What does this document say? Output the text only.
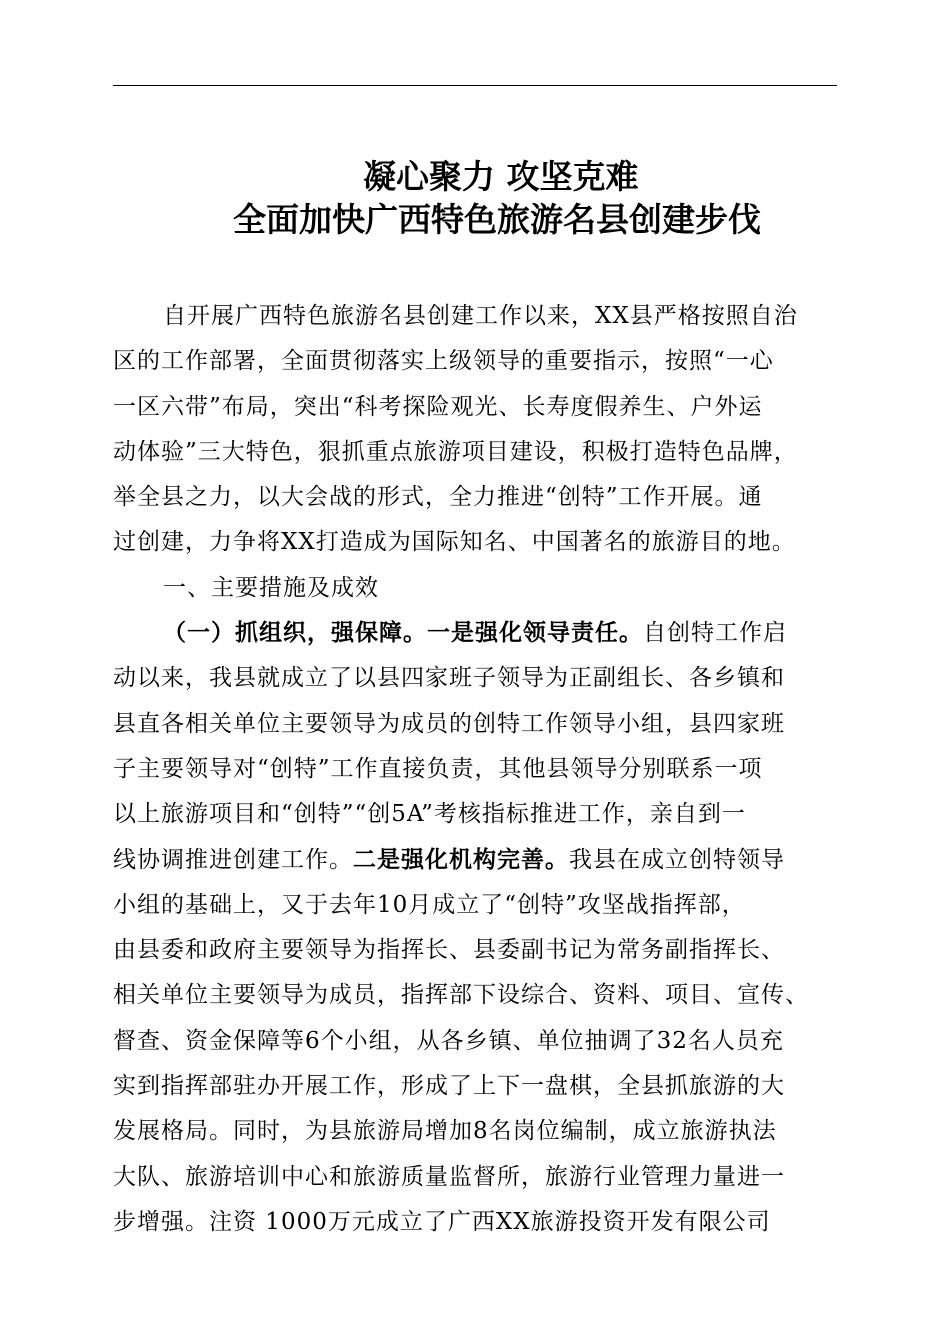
凝心聚力 攻坚克难
全面加快广西特色旅游名县创建步伐
自开展广西特色旅游名县创建工作以来，XX县严格按照自治
区的工作部署，全面贯彻落实上级领导的重要指示，按照“一心
一区六带”布局，突出“科考探险观光、长寿度假养生、户外运
动体验”三大特色，狠抓重点旅游项目建设，积极打造特色品牌，
举全县之力，以大会战的形式，全力推进“创特”工作开展。通
过创建，力争将XX打造成为国际知名、中国著名的旅游目的地。
一、主要措施及成效
（一）抓组织，强保障。一是强化领导责任。自创特工作启
动以来，我县就成立了以县四家班子领导为正副组长、各乡镇和
县直各相关单位主要领导为成员的创特工作领导小组，县四家班
子主要领导对“创特”工作直接负责，其他县领导分别联系一项
以上旅游项目和“创特”“创5A”考核指标推进工作，亲自到一
线协调推进创建工作。二是强化机构完善。我县在成立创特领导
小组的基础上，又于去年10月成立了“创特”攻坚战指挥部，
由县委和政府主要领导为指挥长、县委副书记为常务副指挥长、
相关单位主要领导为成员，指挥部下设综合、资料、项目、宣传、
督查、资金保障等6个小组，从各乡镇、单位抽调了32名人员充
实到指挥部驻办开展工作，形成了上下一盘棋，全县抓旅游的大
发展格局。同时，为县旅游局增加8名岗位编制，成立旅游执法
大队、旅游培训中心和旅游质量监督所，旅游行业管理力量进一
步增强。注资 1000万元成立了广西XX旅游投资开发有限公司
